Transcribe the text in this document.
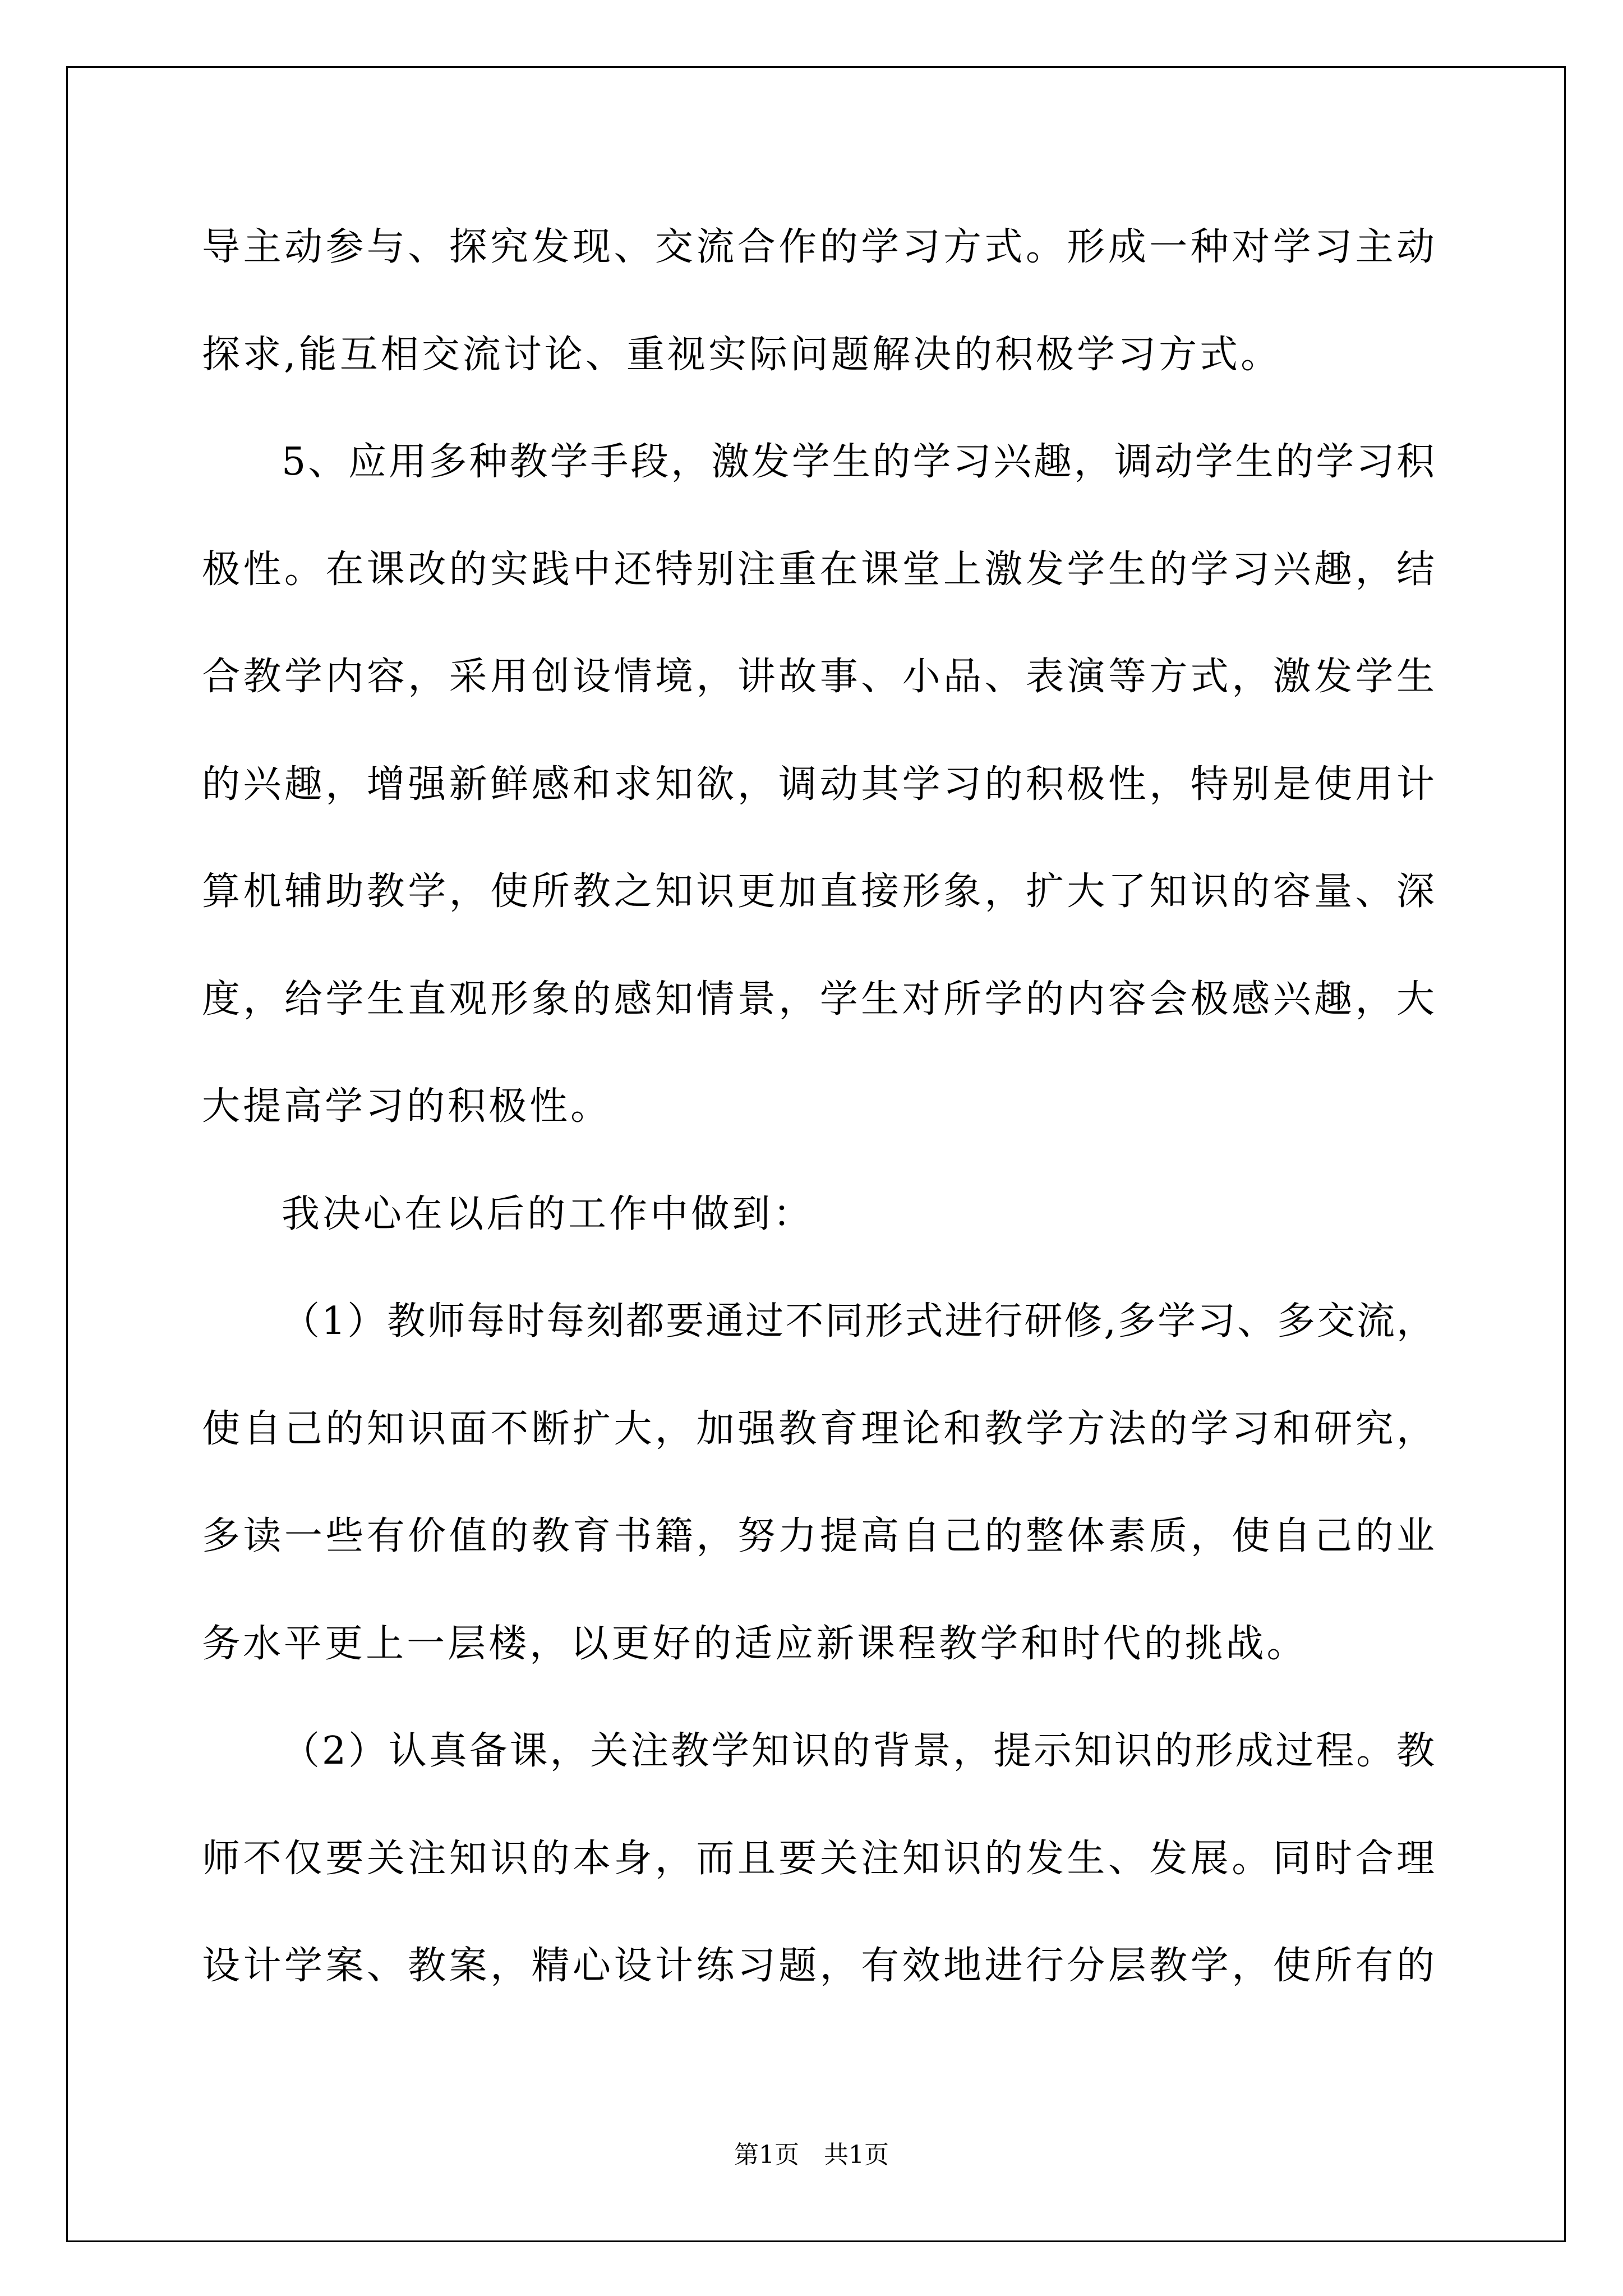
导主动参与、探究发现、交流合作的学习方式。形成一种对学习主动
探求,能互相交流讨论、重视实际问题解决的积极学习方式。
5、应用多种教学手段，激发学生的学习兴趣，调动学生的学习积
极性。在课改的实践中还特别注重在课堂上激发学生的学习兴趣，结
合教学内容，采用创设情境，讲故事、小品、表演等方式，激发学生
的兴趣，增强新鲜感和求知欲，调动其学习的积极性，特别是使用计
算机辅助教学，使所教之知识更加直接形象，扩大了知识的容量、深
度，给学生直观形象的感知情景，学生对所学的内容会极感兴趣，大
大提高学习的积极性。
我决心在以后的工作中做到：
（1）教师每时每刻都要通过不同形式进行研修,多学习、多交流，
使自己的知识面不断扩大，加强教育理论和教学方法的学习和研究，
多读一些有价值的教育书籍，努力提高自己的整体素质，使自己的业
务水平更上一层楼，以更好的适应新课程教学和时代的挑战。
（2）认真备课，关注教学知识的背景，提示知识的形成过程。教
师不仅要关注知识的本身，而且要关注知识的发生、发展。同时合理
设计学案、教案，精心设计练习题，有效地进行分层教学，使所有的
第1页　共1页
